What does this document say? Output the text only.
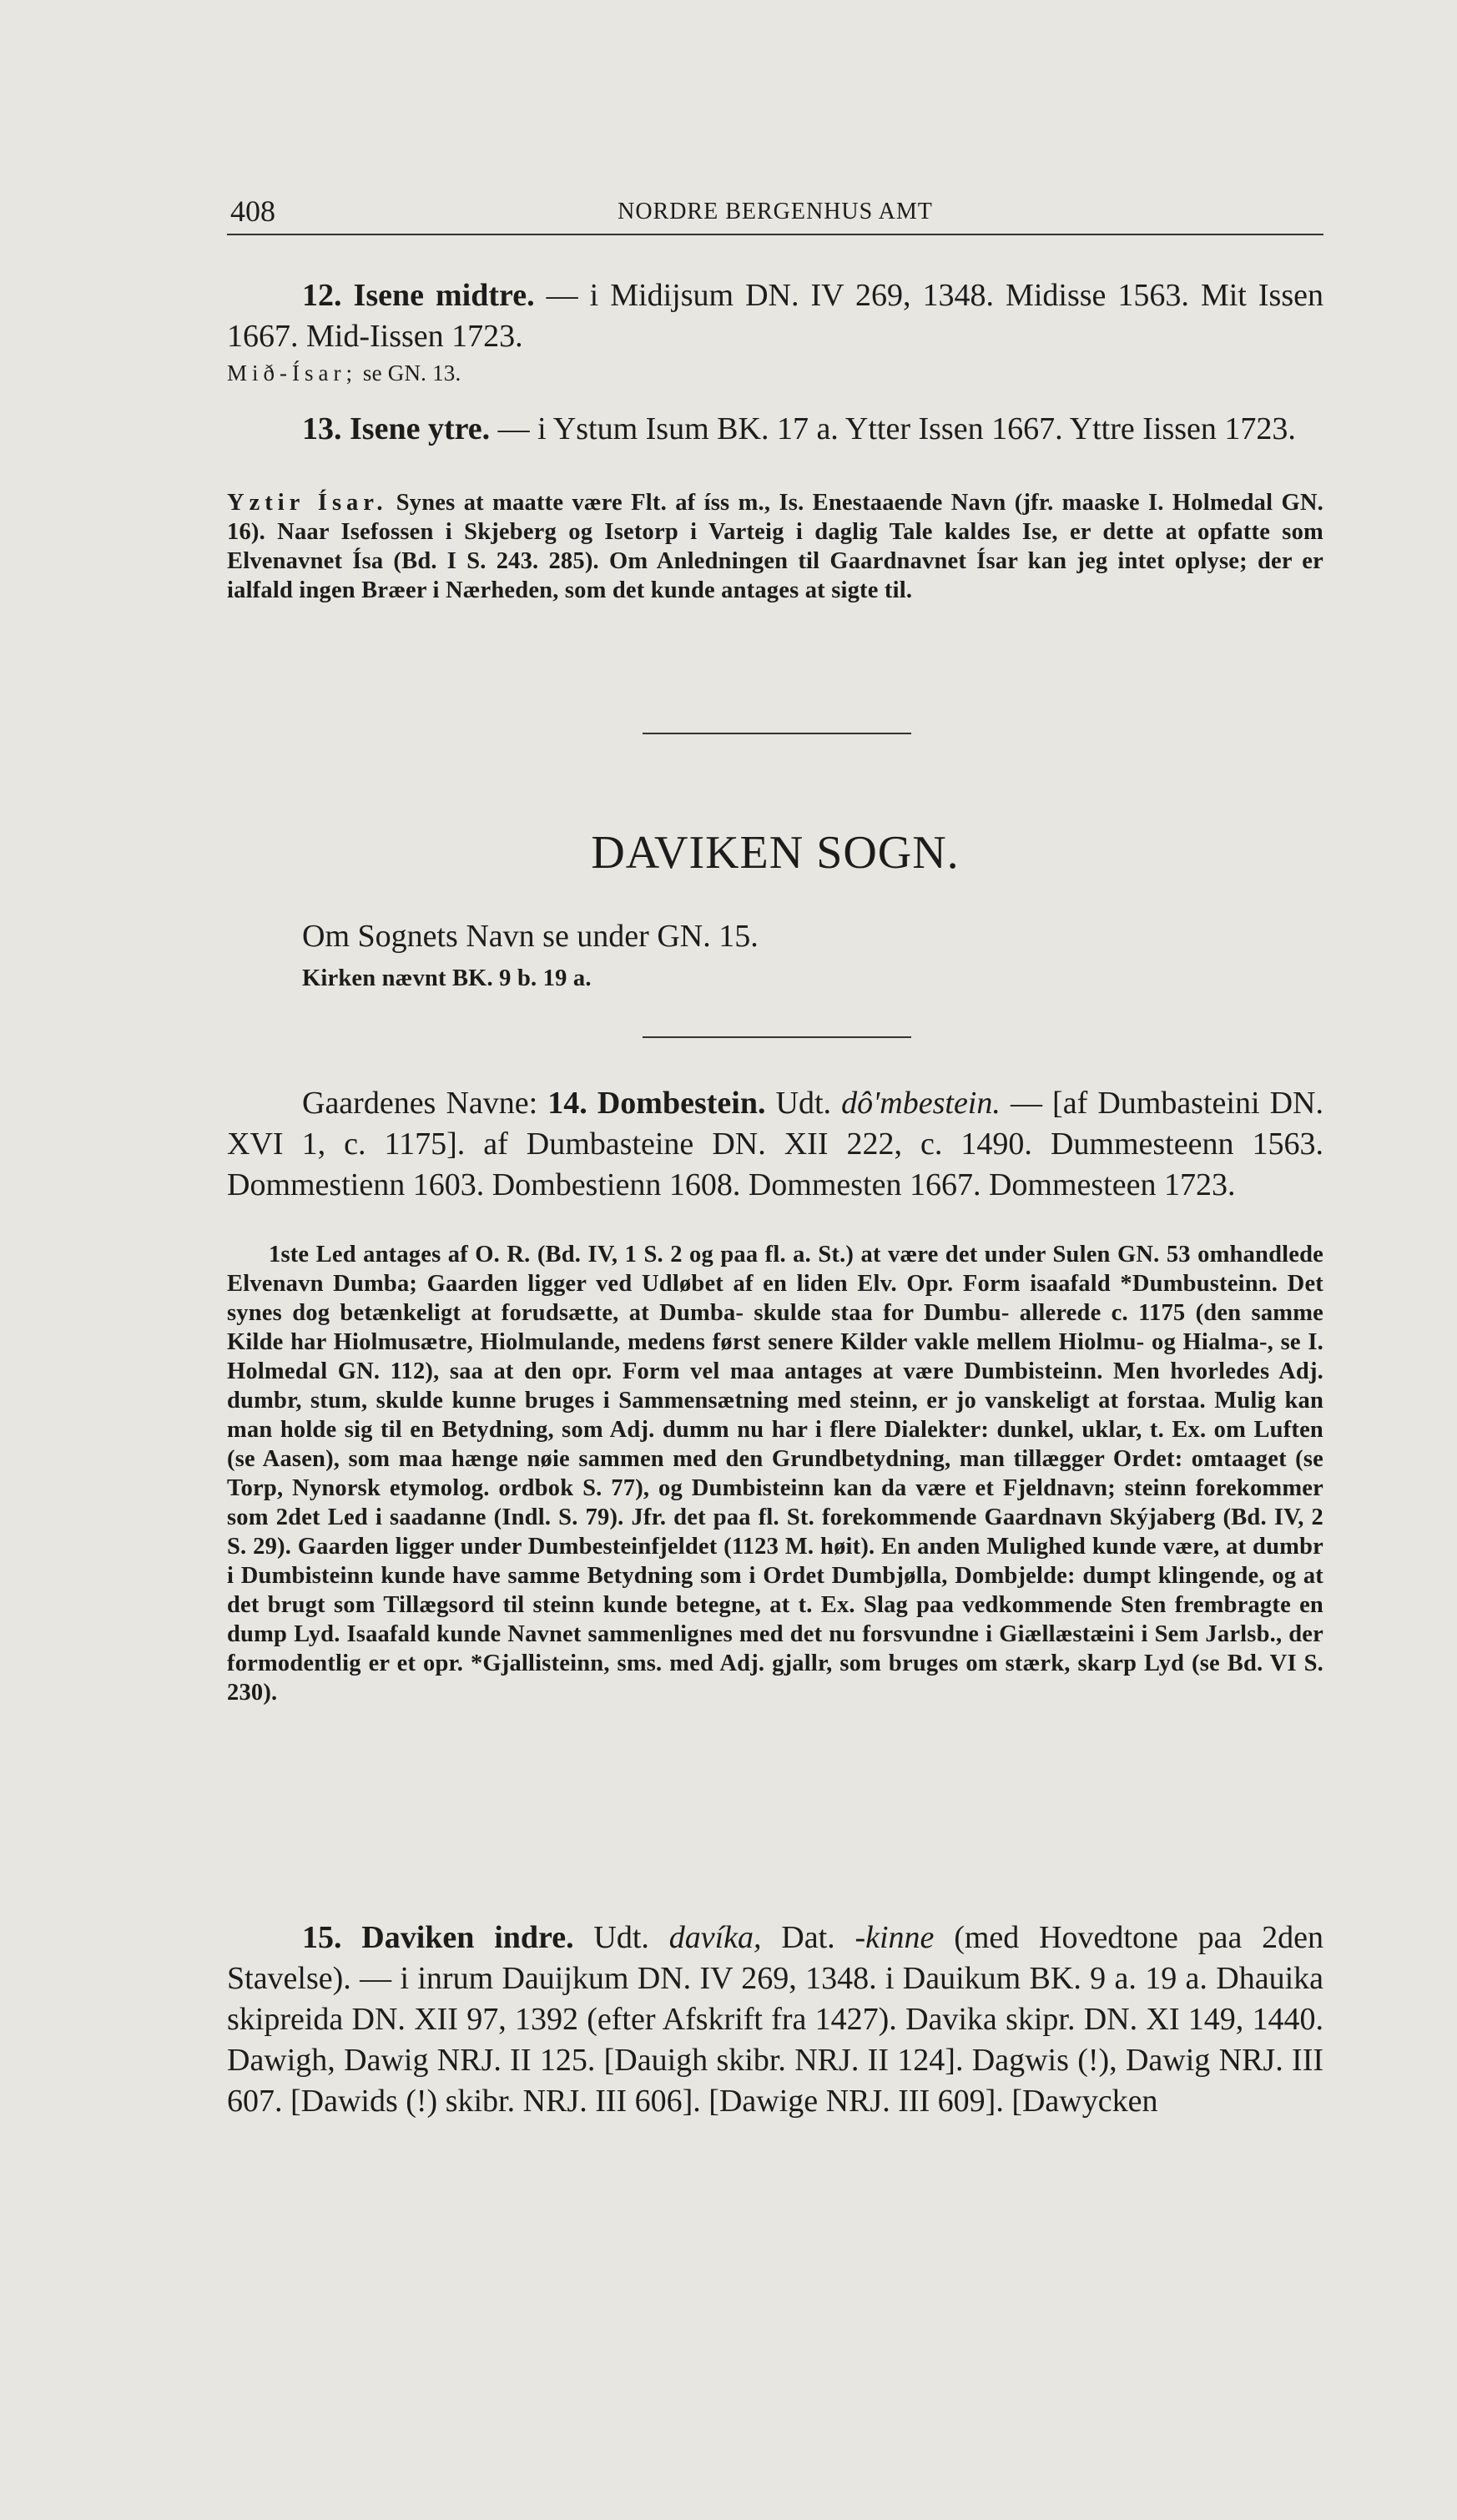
408	NORDRE BERGENHUS AMT
12. Isene midtre. — i Midijsum DN. IV 269, 1348. Midisse 1563. Mit Issen 1667. Mid-Iissen 1723.
Mið-Ísar; se GN. 13.
13. Isene ytre. — i Ystum Isum BK. 17 a. Ytter Issen 1667. Yttre Iissen 1723.
Yztir Ísar. Synes at maatte være Flt. af íss m., Is. Enestaaende Navn (jfr. maaske I. Holmedal GN. 16). Naar Isefossen i Skjeberg og Isetorp i Varteig i daglig Tale kaldes Ise, er dette at opfatte som Elvenavnet Ísa (Bd. I S. 243. 285). Om Anledningen til Gaardnavnet Ísar kan jeg intet oplyse; der er ialfald ingen Bræer i Nærheden, som det kunde antages at sigte til.
DAVIKEN SOGN.
Om Sognets Navn se under GN. 15.
Kirken nævnt BK. 9 b. 19 a.
Gaardenes Navne: 14. Dombestein. Udt. dô'mbestein. — [af Dumbasteini DN. XVI 1, c. 1175]. af Dumbasteine DN. XII 222, c. 1490. Dummesteenn 1563. Dommestienn 1603. Dombestienn 1608. Dommesten 1667. Dommesteen 1723.
1ste Led antages af O. R. (Bd. IV, 1 S. 2 og paa fl. a. St.) at være det under Sulen GN. 53 omhandlede Elvenavn Dumba; Gaarden ligger ved Udløbet af en liden Elv. Opr. Form isaafald *Dumbusteinn. Det synes dog betænkeligt at forudsætte, at Dumba- skulde staa for Dumbu- allerede c. 1175 (den samme Kilde har Hiolmusætre, Hiolmulande, medens først senere Kilder vakle mellem Hiolmu- og Hialma-, se I. Holmedal GN. 112), saa at den opr. Form vel maa antages at være Dumbisteinn. Men hvorledes Adj. dumbr, stum, skulde kunne bruges i Sammensætning med steinn, er jo vanskeligt at forstaa. Mulig kan man holde sig til en Betydning, som Adj. dumm nu har i flere Dialekter: dunkel, uklar, t. Ex. om Luften (se Aasen), som maa hænge nøie sammen med den Grundbetydning, man tillægger Ordet: omtaaget (se Torp, Nynorsk etymolog. ordbok S. 77), og Dumbisteinn kan da være et Fjeldnavn; steinn forekommer som 2det Led i saadanne (Indl. S. 79). Jfr. det paa fl. St. forekommende Gaardnavn Skýjaberg (Bd. IV, 2 S. 29). Gaarden ligger under Dumbesteinfjeldet (1123 M. høit). En anden Mulighed kunde være, at dumbr i Dumbisteinn kunde have samme Betydning som i Ordet Dumbjølla, Dombjelde: dumpt klingende, og at det brugt som Tillægsord til steinn kunde betegne, at t. Ex. Slag paa vedkommende Sten frembragte en dump Lyd. Isaafald kunde Navnet sammenlignes med det nu forsvundne i Giællæstæini i Sem Jarlsb., der formodentlig er et opr. *Gjallisteinn, sms. med Adj. gjallr, som bruges om stærk, skarp Lyd (se Bd. VI S. 230).
15. Daviken indre. Udt. davíka, Dat. -kinne (med Hovedtone paa 2den Stavelse). — i inrum Dauijkum DN. IV 269, 1348. i Dauikum BK. 9 a. 19 a. Dhauika skipreida DN. XII 97, 1392 (efter Afskrift fra 1427). Davika skipr. DN. XI 149, 1440. Dawigh, Dawig NRJ. II 125. [Dauigh skibr. NRJ. II 124]. Dagwis (!), Dawig NRJ. III 607. [Dawids (!) skibr. NRJ. III 606]. [Dawige NRJ. III 609]. [Dawycken
